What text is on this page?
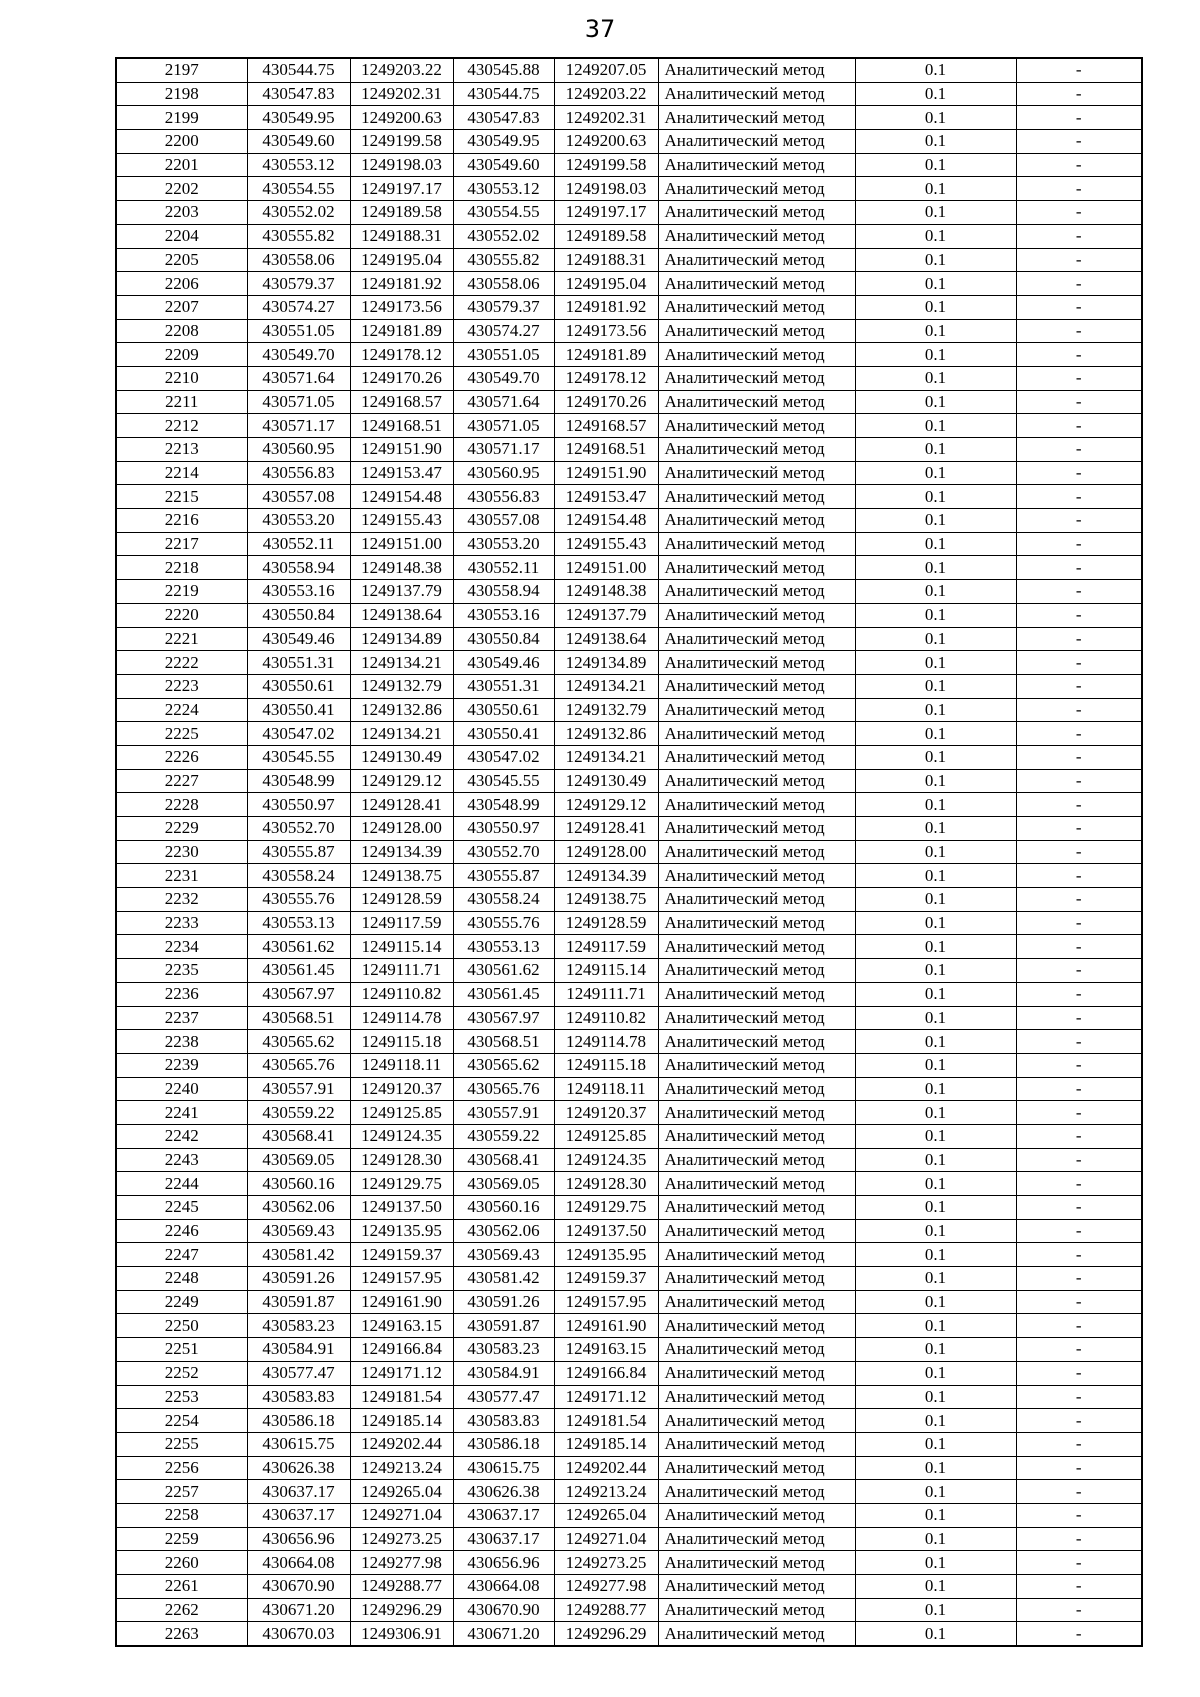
37
2197	430544.75	1249203.22	430545.88	1249207.05	Аналитический метод	0.1	-
2198	430547.83	1249202.31	430544.75	1249203.22	Аналитический метод	0.1	-
2199	430549.95	1249200.63	430547.83	1249202.31	Аналитический метод	0.1	-
2200	430549.60	1249199.58	430549.95	1249200.63	Аналитический метод	0.1	-
2201	430553.12	1249198.03	430549.60	1249199.58	Аналитический метод	0.1	-
2202	430554.55	1249197.17	430553.12	1249198.03	Аналитический метод	0.1	-
2203	430552.02	1249189.58	430554.55	1249197.17	Аналитический метод	0.1	-
2204	430555.82	1249188.31	430552.02	1249189.58	Аналитический метод	0.1	-
2205	430558.06	1249195.04	430555.82	1249188.31	Аналитический метод	0.1	-
2206	430579.37	1249181.92	430558.06	1249195.04	Аналитический метод	0.1	-
2207	430574.27	1249173.56	430579.37	1249181.92	Аналитический метод	0.1	-
2208	430551.05	1249181.89	430574.27	1249173.56	Аналитический метод	0.1	-
2209	430549.70	1249178.12	430551.05	1249181.89	Аналитический метод	0.1	-
2210	430571.64	1249170.26	430549.70	1249178.12	Аналитический метод	0.1	-
2211	430571.05	1249168.57	430571.64	1249170.26	Аналитический метод	0.1	-
2212	430571.17	1249168.51	430571.05	1249168.57	Аналитический метод	0.1	-
2213	430560.95	1249151.90	430571.17	1249168.51	Аналитический метод	0.1	-
2214	430556.83	1249153.47	430560.95	1249151.90	Аналитический метод	0.1	-
2215	430557.08	1249154.48	430556.83	1249153.47	Аналитический метод	0.1	-
2216	430553.20	1249155.43	430557.08	1249154.48	Аналитический метод	0.1	-
2217	430552.11	1249151.00	430553.20	1249155.43	Аналитический метод	0.1	-
2218	430558.94	1249148.38	430552.11	1249151.00	Аналитический метод	0.1	-
2219	430553.16	1249137.79	430558.94	1249148.38	Аналитический метод	0.1	-
2220	430550.84	1249138.64	430553.16	1249137.79	Аналитический метод	0.1	-
2221	430549.46	1249134.89	430550.84	1249138.64	Аналитический метод	0.1	-
2222	430551.31	1249134.21	430549.46	1249134.89	Аналитический метод	0.1	-
2223	430550.61	1249132.79	430551.31	1249134.21	Аналитический метод	0.1	-
2224	430550.41	1249132.86	430550.61	1249132.79	Аналитический метод	0.1	-
2225	430547.02	1249134.21	430550.41	1249132.86	Аналитический метод	0.1	-
2226	430545.55	1249130.49	430547.02	1249134.21	Аналитический метод	0.1	-
2227	430548.99	1249129.12	430545.55	1249130.49	Аналитический метод	0.1	-
2228	430550.97	1249128.41	430548.99	1249129.12	Аналитический метод	0.1	-
2229	430552.70	1249128.00	430550.97	1249128.41	Аналитический метод	0.1	-
2230	430555.87	1249134.39	430552.70	1249128.00	Аналитический метод	0.1	-
2231	430558.24	1249138.75	430555.87	1249134.39	Аналитический метод	0.1	-
2232	430555.76	1249128.59	430558.24	1249138.75	Аналитический метод	0.1	-
2233	430553.13	1249117.59	430555.76	1249128.59	Аналитический метод	0.1	-
2234	430561.62	1249115.14	430553.13	1249117.59	Аналитический метод	0.1	-
2235	430561.45	1249111.71	430561.62	1249115.14	Аналитический метод	0.1	-
2236	430567.97	1249110.82	430561.45	1249111.71	Аналитический метод	0.1	-
2237	430568.51	1249114.78	430567.97	1249110.82	Аналитический метод	0.1	-
2238	430565.62	1249115.18	430568.51	1249114.78	Аналитический метод	0.1	-
2239	430565.76	1249118.11	430565.62	1249115.18	Аналитический метод	0.1	-
2240	430557.91	1249120.37	430565.76	1249118.11	Аналитический метод	0.1	-
2241	430559.22	1249125.85	430557.91	1249120.37	Аналитический метод	0.1	-
2242	430568.41	1249124.35	430559.22	1249125.85	Аналитический метод	0.1	-
2243	430569.05	1249128.30	430568.41	1249124.35	Аналитический метод	0.1	-
2244	430560.16	1249129.75	430569.05	1249128.30	Аналитический метод	0.1	-
2245	430562.06	1249137.50	430560.16	1249129.75	Аналитический метод	0.1	-
2246	430569.43	1249135.95	430562.06	1249137.50	Аналитический метод	0.1	-
2247	430581.42	1249159.37	430569.43	1249135.95	Аналитический метод	0.1	-
2248	430591.26	1249157.95	430581.42	1249159.37	Аналитический метод	0.1	-
2249	430591.87	1249161.90	430591.26	1249157.95	Аналитический метод	0.1	-
2250	430583.23	1249163.15	430591.87	1249161.90	Аналитический метод	0.1	-
2251	430584.91	1249166.84	430583.23	1249163.15	Аналитический метод	0.1	-
2252	430577.47	1249171.12	430584.91	1249166.84	Аналитический метод	0.1	-
2253	430583.83	1249181.54	430577.47	1249171.12	Аналитический метод	0.1	-
2254	430586.18	1249185.14	430583.83	1249181.54	Аналитический метод	0.1	-
2255	430615.75	1249202.44	430586.18	1249185.14	Аналитический метод	0.1	-
2256	430626.38	1249213.24	430615.75	1249202.44	Аналитический метод	0.1	-
2257	430637.17	1249265.04	430626.38	1249213.24	Аналитический метод	0.1	-
2258	430637.17	1249271.04	430637.17	1249265.04	Аналитический метод	0.1	-
2259	430656.96	1249273.25	430637.17	1249271.04	Аналитический метод	0.1	-
2260	430664.08	1249277.98	430656.96	1249273.25	Аналитический метод	0.1	-
2261	430670.90	1249288.77	430664.08	1249277.98	Аналитический метод	0.1	-
2262	430671.20	1249296.29	430670.90	1249288.77	Аналитический метод	0.1	-
2263	430670.03	1249306.91	430671.20	1249296.29	Аналитический метод	0.1	-
